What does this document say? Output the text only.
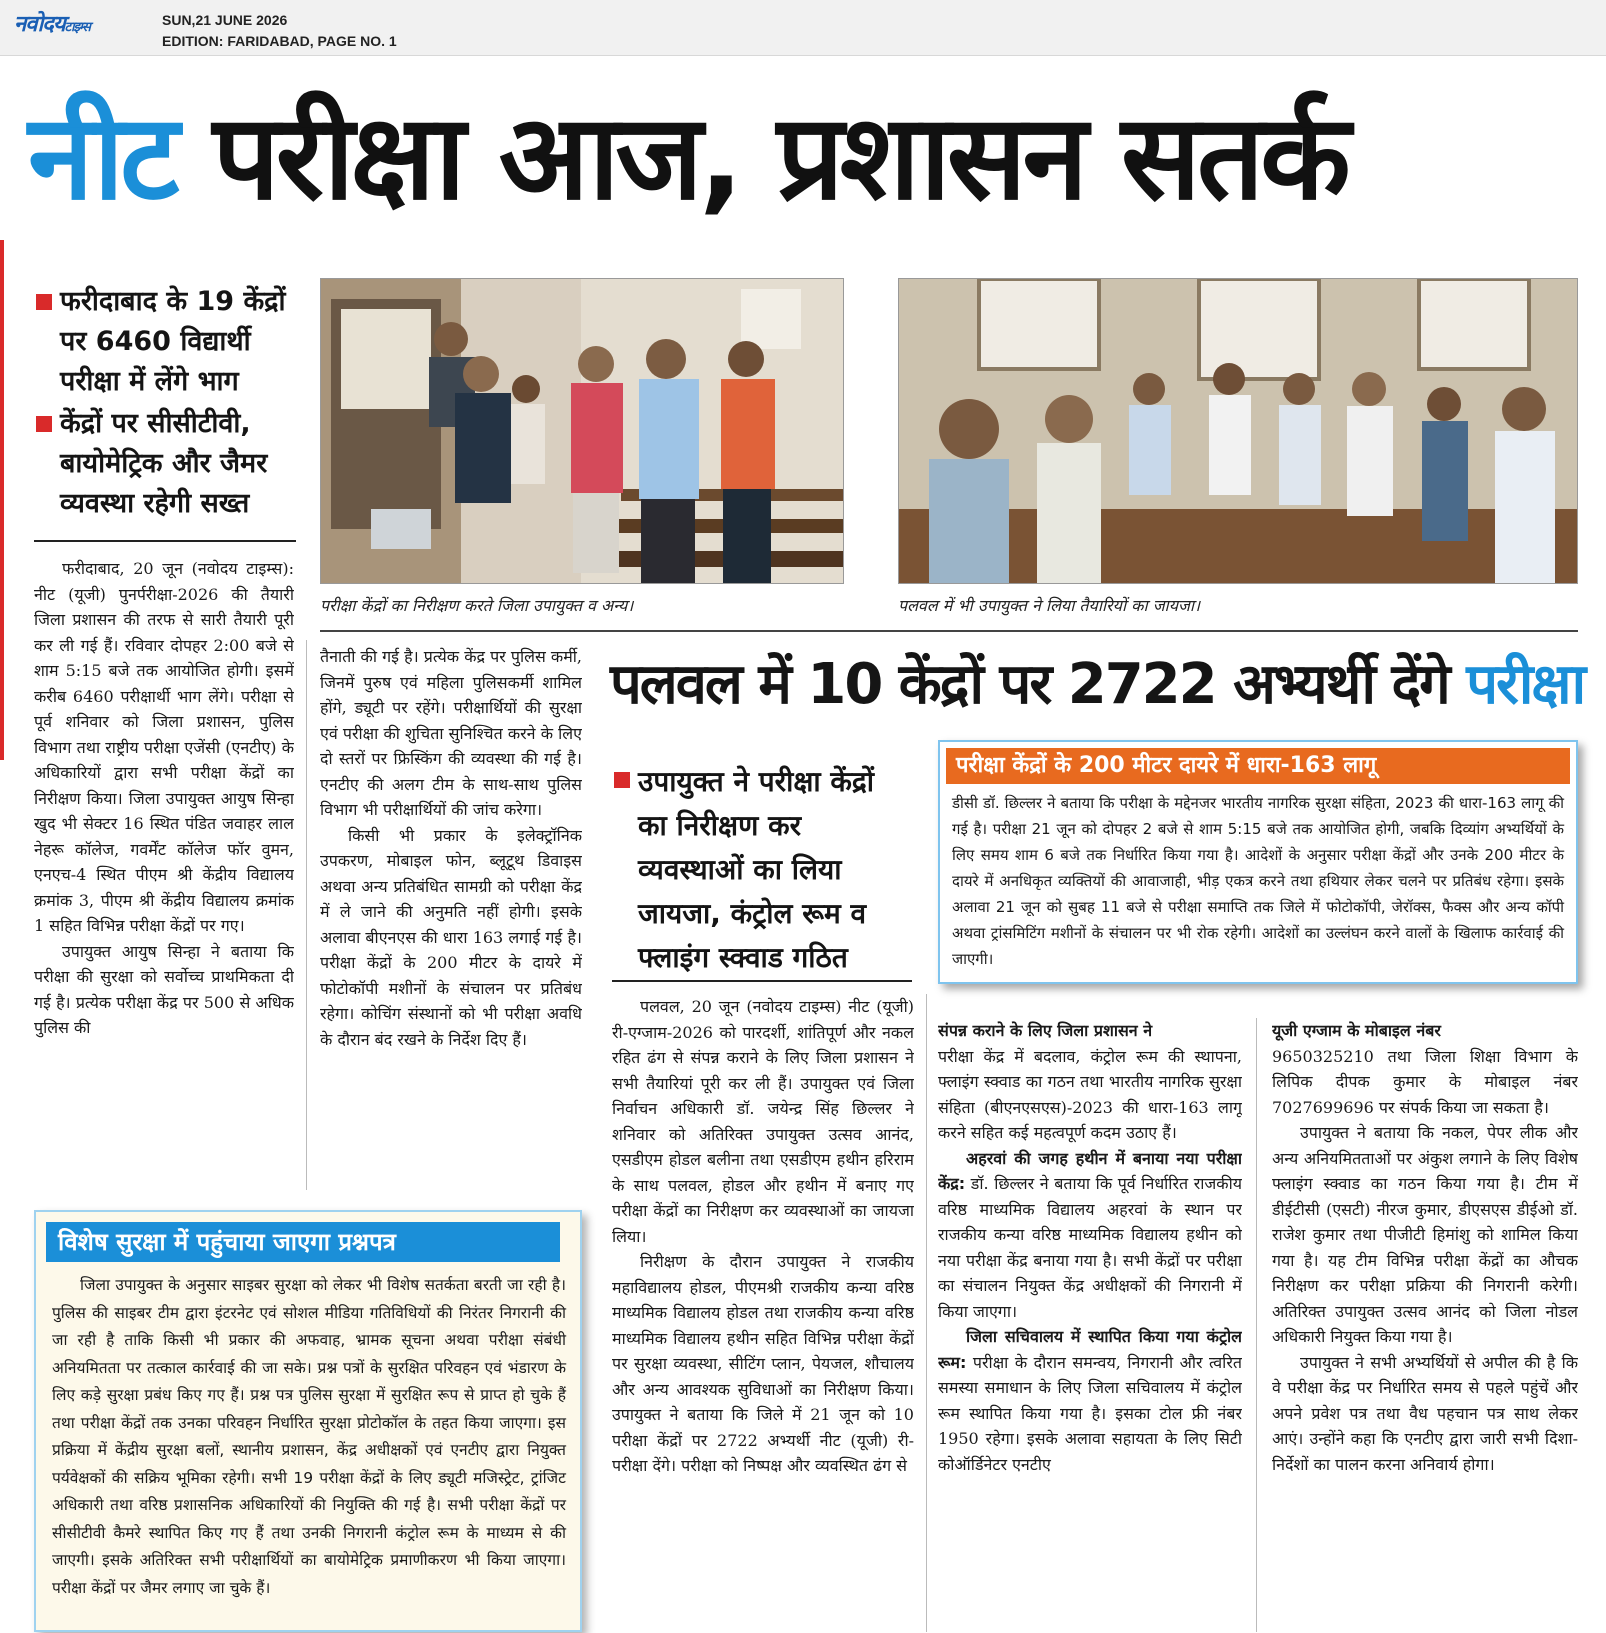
नवोदयटाइम्स	SUN,21 JUNE 2026
EDITION: FARIDABAD, PAGE NO. 1
नीट परीक्षा आज, प्रशासन सतर्क
फरीदाबाद के 19 केंद्रों पर 6460 विद्यार्थी परीक्षा में लेंगे भाग
केंद्रों पर सीसीटीवी, बायोमेट्रिक और जैमर व्यवस्था रहेगी सख्त
परीक्षा केंद्रों का निरीक्षण करते जिला उपायुक्त व अन्य।	पलवल में भी उपायुक्त ने लिया तैयारियों का जायजा।

फरीदाबाद, 20 जून (नवोदय टाइम्स): नीट (यूजी) पुनर्परीक्षा-2026 की तैयारी जिला प्रशासन की तरफ से सारी तैयारी पूरी कर ली गई हैं। रविवार दोपहर 2:00 बजे से शाम 5:15 बजे तक आयोजित होगी। इसमें करीब 6460 परीक्षार्थी भाग लेंगे। परीक्षा से पूर्व शनिवार को जिला प्रशासन, पुलिस विभाग तथा राष्ट्रीय परीक्षा एजेंसी (एनटीए) के अधिकारियों द्वारा सभी परीक्षा केंद्रों का निरीक्षण किया। जिला उपायुक्त आयुष सिन्हा खुद भी सेक्टर 16 स्थित पंडित जवाहर लाल नेहरू कॉलेज, गवर्मेंट कॉलेज फॉर वुमन, एनएच-4 स्थित पीएम श्री केंद्रीय विद्यालय क्रमांक 3, पीएम श्री केंद्रीय विद्यालय क्रमांक 1 सहित विभिन्न परीक्षा केंद्रों पर गए।

उपायुक्त आयुष सिन्हा ने बताया कि परीक्षा की सुरक्षा को सर्वोच्च प्राथमिकता दी गई है। प्रत्येक परीक्षा केंद्र पर 500 से अधिक पुलिस की

तैनाती की गई है। प्रत्येक केंद्र पर पुलिस कर्मी, जिनमें पुरुष एवं महिला पुलिसकर्मी शामिल होंगे, ड्यूटी पर रहेंगे। परीक्षार्थियों की सुरक्षा एवं परीक्षा की शुचिता सुनिश्चित करने के लिए दो स्तरों पर फ्रिस्किंग की व्यवस्था की गई है। एनटीए की अलग टीम के साथ-साथ पुलिस विभाग भी परीक्षार्थियों की जांच करेगा।

किसी भी प्रकार के इलेक्ट्रॉनिक उपकरण, मोबाइल फोन, ब्लूटूथ डिवाइस अथवा अन्य प्रतिबंधित सामग्री को परीक्षा केंद्र में ले जाने की अनुमति नहीं होगी। इसके अलावा बीएनएस की धारा 163 लगाई गई है। परीक्षा केंद्रों के 200 मीटर के दायरे में फोटोकॉपी मशीनों के संचालन पर प्रतिबंध रहेगा। कोचिंग संस्थानों को भी परीक्षा अवधि के दौरान बंद रखने के निर्देश दिए हैं।

विशेष सुरक्षा में पहुंचाया जाएगा प्रश्नपत्र

जिला उपायुक्त के अनुसार साइबर सुरक्षा को लेकर भी विशेष सतर्कता बरती जा रही है। पुलिस की साइबर टीम द्वारा इंटरनेट एवं सोशल मीडिया गतिविधियों की निरंतर निगरानी की जा रही है ताकि किसी भी प्रकार की अफवाह, भ्रामक सूचना अथवा परीक्षा संबंधी अनियमितता पर तत्काल कार्रवाई की जा सके। प्रश्न पत्रों के सुरक्षित परिवहन एवं भंडारण के लिए कड़े सुरक्षा प्रबंध किए गए हैं। प्रश्न पत्र पुलिस सुरक्षा में सुरक्षित रूप से प्राप्त हो चुके हैं तथा परीक्षा केंद्रों तक उनका परिवहन निर्धारित सुरक्षा प्रोटोकॉल के तहत किया जाएगा। इस प्रक्रिया में केंद्रीय सुरक्षा बलों, स्थानीय प्रशासन, केंद्र अधीक्षकों एवं एनटीए द्वारा नियुक्त पर्यवेक्षकों की सक्रिय भूमिका रहेगी। सभी 19 परीक्षा केंद्रों के लिए ड्यूटी मजिस्ट्रेट, ट्रांजिट अधिकारी तथा वरिष्ठ प्रशासनिक अधिकारियों की नियुक्ति की गई है। सभी परीक्षा केंद्रों पर सीसीटीवी कैमरे स्थापित किए गए हैं तथा उनकी निगरानी कंट्रोल रूम के माध्यम से की जाएगी। इसके अतिरिक्त सभी परीक्षार्थियों का बायोमेट्रिक प्रमाणीकरण भी किया जाएगा। परीक्षा केंद्रों पर जैमर लगाए जा चुके हैं।

पलवल में 10 केंद्रों पर 2722 अभ्यर्थी देंगे परीक्षा
उपायुक्त ने परीक्षा केंद्रों का निरीक्षण कर व्यवस्थाओं का लिया जायजा, कंट्रोल रूम व फ्लाइंग स्क्वाड गठित
परीक्षा केंद्रों के 200 मीटर दायरे में धारा-163 लागू
डीसी डॉ. छिल्लर ने बताया कि परीक्षा के मद्देनजर भारतीय नागरिक सुरक्षा संहिता, 2023 की धारा-163 लागू की गई है। परीक्षा 21 जून को दोपहर 2 बजे से शाम 5:15 बजे तक आयोजित होगी, जबकि दिव्यांग अभ्यर्थियों के लिए समय शाम 6 बजे तक निर्धारित किया गया है। आदेशों के अनुसार परीक्षा केंद्रों और उनके 200 मीटर के दायरे में अनधिकृत व्यक्तियों की आवाजाही, भीड़ एकत्र करने तथा हथियार लेकर चलने पर प्रतिबंध रहेगा। इसके अलावा 21 जून को सुबह 11 बजे से परीक्षा समाप्ति तक जिले में फोटोकॉपी, जेरॉक्स, फैक्स और अन्य कॉपी अथवा ट्रांसमिटिंग मशीनों के संचालन पर भी रोक रहेगी। आदेशों का उल्लंघन करने वालों के खिलाफ कार्रवाई की जाएगी।

पलवल, 20 जून (नवोदय टाइम्स) नीट (यूजी) री-एग्जाम-2026 को पारदर्शी, शांतिपूर्ण और नकल रहित ढंग से संपन्न कराने के लिए जिला प्रशासन ने सभी तैयारियां पूरी कर ली हैं। उपायुक्त एवं जिला निर्वाचन अधिकारी डॉ. जयेन्द्र सिंह छिल्लर ने शनिवार को अतिरिक्त उपायुक्त उत्सव आनंद, एसडीएम होडल बलीना तथा एसडीएम हथीन हरिराम के साथ पलवल, होडल और हथीन में बनाए गए परीक्षा केंद्रों का निरीक्षण कर व्यवस्थाओं का जायजा लिया।

निरीक्षण के दौरान उपायुक्त ने राजकीय महाविद्यालय होडल, पीएमश्री राजकीय कन्या वरिष्ठ माध्यमिक विद्यालय होडल तथा राजकीय कन्या वरिष्ठ माध्यमिक विद्यालय हथीन सहित विभिन्न परीक्षा केंद्रों पर सुरक्षा व्यवस्था, सीटिंग प्लान, पेयजल, शौचालय और अन्य आवश्यक सुविधाओं का निरीक्षण किया। उपायुक्त ने बताया कि जिले में 21 जून को 10 परीक्षा केंद्रों पर 2722 अभ्यर्थी नीट (यूजी) री-परीक्षा देंगे। परीक्षा को निष्पक्ष और व्यवस्थित ढंग से

संपन्न कराने के लिए जिला प्रशासन ने

परीक्षा केंद्र में बदलाव, कंट्रोल रूम की स्थापना, फ्लाइंग स्क्वाड का गठन तथा भारतीय नागरिक सुरक्षा संहिता (बीएनएसएस)-2023 की धारा-163 लागू करने सहित कई महत्वपूर्ण कदम उठाए हैं।

अहरवां की जगह हथीन में बनाया नया परीक्षा केंद्र: डॉ. छिल्लर ने बताया कि पूर्व निर्धारित राजकीय वरिष्ठ माध्यमिक विद्यालय अहरवां के स्थान पर राजकीय कन्या वरिष्ठ माध्यमिक विद्यालय हथीन को नया परीक्षा केंद्र बनाया गया है। सभी केंद्रों पर परीक्षा का संचालन नियुक्त केंद्र अधीक्षकों की निगरानी में किया जाएगा।

जिला सचिवालय में स्थापित किया गया कंट्रोल रूम: परीक्षा के दौरान समन्वय, निगरानी और त्वरित समस्या समाधान के लिए जिला सचिवालय में कंट्रोल रूम स्थापित किया गया है। इसका टोल फ्री नंबर 1950 रहेगा। इसके अलावा सहायता के लिए सिटी कोऑर्डिनेटर एनटीए

यूजी एग्जाम के मोबाइल नंबर

9650325210 तथा जिला शिक्षा विभाग के लिपिक दीपक कुमार के मोबाइल नंबर 7027699696 पर संपर्क किया जा सकता है।

उपायुक्त ने बताया कि नकल, पेपर लीक और अन्य अनियमितताओं पर अंकुश लगाने के लिए विशेष फ्लाइंग स्क्वाड का गठन किया गया है। टीम में डीईटीसी (एसटी) नीरज कुमार, डीएसएस डीईओ डॉ. राजेश कुमार तथा पीजीटी हिमांशु को शामिल किया गया है। यह टीम विभिन्न परीक्षा केंद्रों का औचक निरीक्षण कर परीक्षा प्रक्रिया की निगरानी करेगी। अतिरिक्त उपायुक्त उत्सव आनंद को जिला नोडल अधिकारी नियुक्त किया गया है।

उपायुक्त ने सभी अभ्यर्थियों से अपील की है कि वे परीक्षा केंद्र पर निर्धारित समय से पहले पहुंचें और अपने प्रवेश पत्र तथा वैध पहचान पत्र साथ लेकर आएं। उन्होंने कहा कि एनटीए द्वारा जारी सभी दिशा-निर्देशों का पालन करना अनिवार्य होगा।
